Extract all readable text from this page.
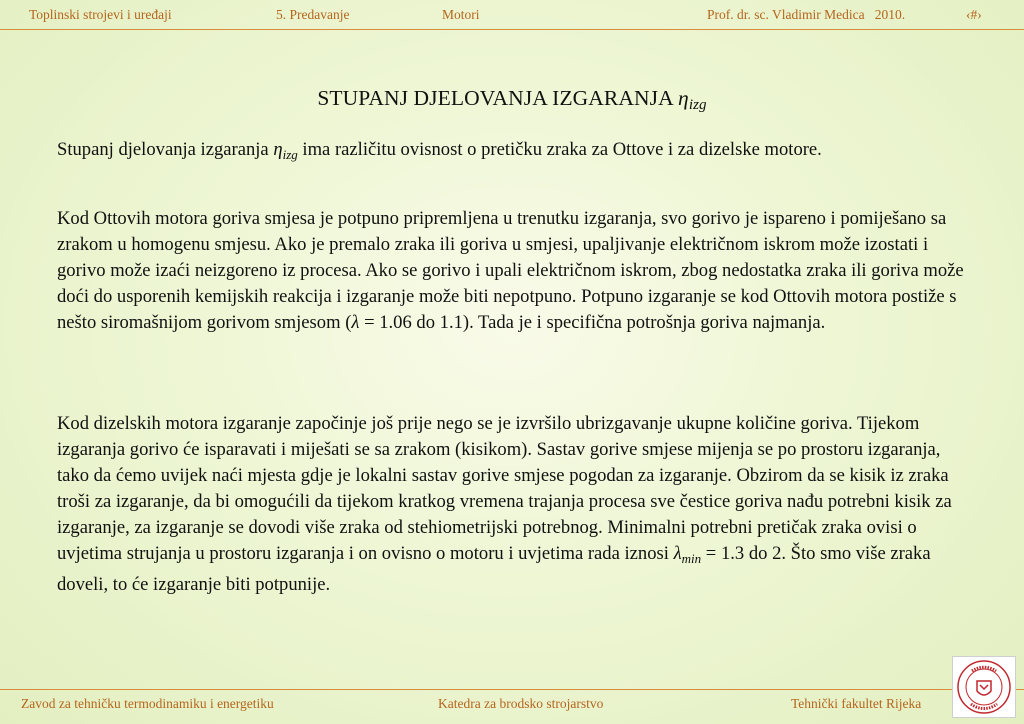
Toplinski strojevi i uređaji	5. Predavanje	Motori	Prof. dr. sc. Vladimir Medica 2010.	‹#›
STUPANJ DJELOVANJA IZGARANJA $\eta_{izg}$
Stupanj djelovanja izgaranja $\eta_{izg}$ ima različitu ovisnost o pretičku zraka za Ottove i za dizelske motore.
Kod Ottovih motora goriva smjesa je potpuno pripremljena u trenutku izgaranja, svo gorivo je ispareno i pomiješano sa zrakom u homogenu smjesu. Ako je premalo zraka ili goriva u smjesi, upaljivanje električnom iskrom može izostati i gorivo može izaći neizgoreno iz procesa. Ako se gorivo i upali električnom iskrom, zbog nedostatka zraka ili goriva može doći do usporenih kemijskih reakcija i izgaranje može biti nepotpuno. Potpuno izgaranje se kod Ottovih motora postiže s nešto siromašnijom gorivom smjesom (λ = 1.06 do 1.1). Tada je i specifična potrošnja goriva najmanja.
Kod dizelskih motora izgaranje započinje još prije nego se je izvršilo ubrizgavanje ukupne količine goriva. Tijekom izgaranja gorivo će isparavati i miješati se sa zrakom (kisikom). Sastav gorive smjese mijenja se po prostoru izgaranja, tako da ćemo uvijek naći mjesta gdje je lokalni sastav gorive smjese pogodan za izgaranje. Obzirom da se kisik iz zraka troši za izgaranje, da bi omogućili da tijekom kratkog vremena trajanja procesa sve čestice goriva nađu potrebni kisik za izgaranje, za izgaranje se dovodi više zraka od stehiometrijski potrebnog. Minimalni potrebni pretičak zraka ovisi o uvjetima strujanja u prostoru izgaranja i on ovisno o motoru i uvjetima rada iznosi $\lambda_{min} = 1.3$ do 2. Što smo više zraka doveli, to će izgaranje biti potpunije.
Zavod za tehničku termodinamiku i energetiku	Katedra za brodsko strojarstvo	Tehnički fakultet Rijeka
